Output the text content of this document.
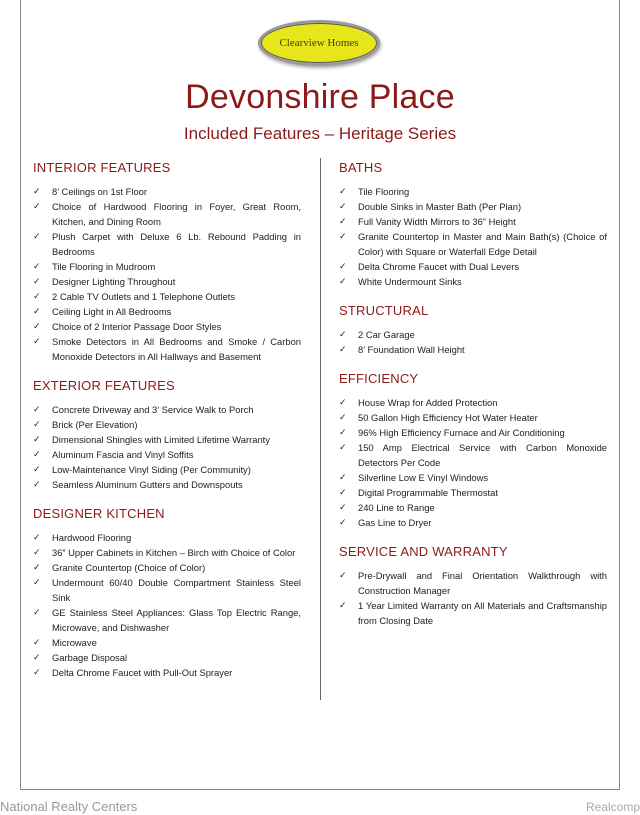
Clearview Homes
Devonshire Place
Included Features – Heritage Series
INTERIOR FEATURES
✓ 8’ Ceilings on 1st Floor
✓ Choice of Hardwood Flooring in Foyer, Great Room, Kitchen, and Dining Room
✓ Plush Carpet with Deluxe 6 Lb. Rebound Padding in Bedrooms
✓ Tile Flooring in Mudroom
✓ Designer Lighting Throughout
✓ 2 Cable TV Outlets and 1 Telephone Outlets
✓ Ceiling Light in All Bedrooms
✓ Choice of 2 Interior Passage Door Styles
✓ Smoke Detectors in All Bedrooms and Smoke / Carbon Monoxide Detectors in All Hallways and Basement
EXTERIOR FEATURES
✓ Concrete Driveway and 3’ Service Walk to Porch
✓ Brick (Per Elevation)
✓ Dimensional Shingles with Limited Lifetime Warranty
✓ Aluminum Fascia and Vinyl Soffits
✓ Low-Maintenance Vinyl Siding (Per Community)
✓ Seamless Aluminum Gutters and Downspouts
DESIGNER KITCHEN
✓ Hardwood Flooring
✓ 36” Upper Cabinets in Kitchen – Birch with Choice of Color
✓ Granite Countertop (Choice of Color)
✓ Undermount 60/40 Double Compartment Stainless Steel Sink
✓ GE Stainless Steel Appliances: Glass Top Electric Range, Microwave, and Dishwasher
✓ Microwave
✓ Garbage Disposal
✓ Delta Chrome Faucet with Pull-Out Sprayer
BATHS
✓ Tile Flooring
✓ Double Sinks in Master Bath (Per Plan)
✓ Full Vanity Width Mirrors to 36” Height
✓ Granite Countertop in Master and Main Bath(s) (Choice of Color) with Square or Waterfall Edge Detail
✓ Delta Chrome Faucet with Dual Levers
✓ White Undermount Sinks
STRUCTURAL
✓ 2 Car Garage
✓ 8’ Foundation Wall Height
EFFICIENCY
✓ House Wrap for Added Protection
✓ 50 Gallon High Efficiency Hot Water Heater
✓ 96% High Efficiency Furnace and Air Conditioning
✓ 150 Amp Electrical Service with Carbon Monoxide Detectors Per Code
✓ Silverline Low E Vinyl Windows
✓ Digital Programmable Thermostat
✓ 240 Line to Range
✓ Gas Line to Dryer
SERVICE AND WARRANTY
✓ Pre-Drywall and Final Orientation Walkthrough with Construction Manager
✓ 1 Year Limited Warranty on All Materials and Craftsmanship from Closing Date
National Realty Centers	Realcomp
